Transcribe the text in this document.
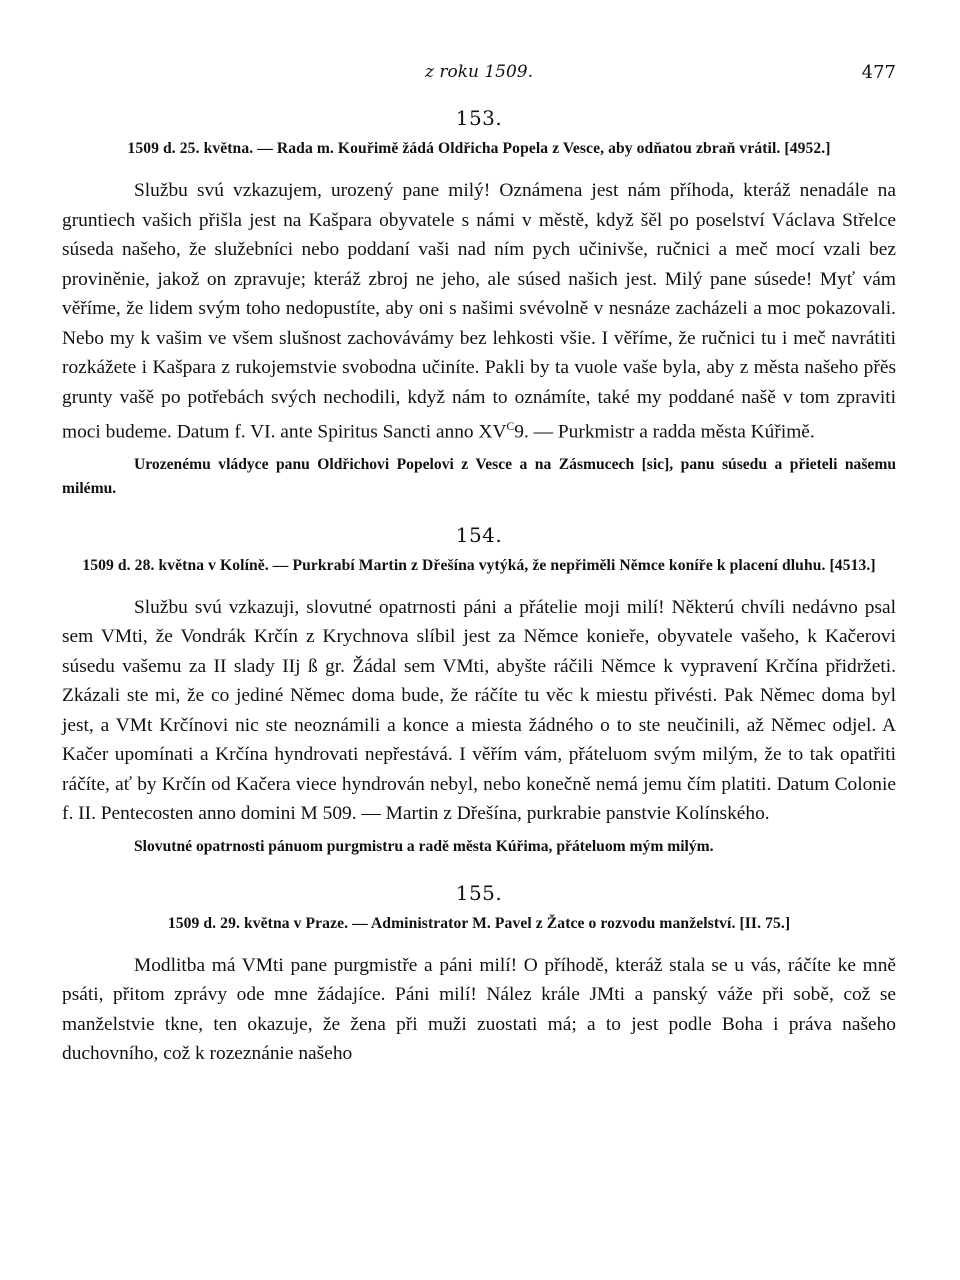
z roku 1509.	477
153.
1509 d. 25. května. — Rada m. Kouřimě žádá Oldřicha Popela z Vesce, aby odňatou zbraň vrátil. [4952.]

Službu svú vzkazujem, urozený pane milý! Oznámena jest nám příhoda, kteráž nenadále na gruntiech vašich přišla jest na Kašpara obyvatele s námi v městě, když šěl po poselství Václava Střelce súseda našeho, že služebníci nebo poddaní vaši nad ním pych učinivše, ručnici a meč mocí vzali bez proviněnie, jakož on zpravuje; kteráž zbroj ne jeho, ale súsed našich jest. Milý pane súsede! Myť vám věříme, že lidem svým toho nedopustíte, aby oni s našimi svévolně v nesnáze zacházeli a moc pokazovali. Nebo my k vašim ve všem slušnost zachovávámy bez lehkosti všie. I věříme, že ručnici tu i meč navrátiti rozkážete i Kašpara z rukojemstvie svobodna učiníte. Pakli by ta vuole vaše byla, aby z města našeho přěs grunty vašě po potřebách svých nechodili, když nám to oznámíte, také my poddané našě v tom zpraviti moci budeme. Datum f. VI. ante Spiritus Sancti anno $XV^C9$. — Purkmistr a radda města Kúřimě.

Urozenému vládyce panu Oldřichovi Popelovi z Vesce a na Zásmucech [sic], panu súsedu a přieteli našemu milému.

154.
1509 d. 28. května v Kolíně. — Purkrabí Martin z Dřešína vytýká, že nepřiměli Němce koníře k placení dluhu. [4513.]

Službu svú vzkazuji, slovutné opatrnosti páni a přátelie moji milí! Některú chvíli nedávno psal sem VMti, že Vondrák Krčín z Krychnova slíbil jest za Němce konieře, obyvatele vašeho, k Kačerovi súsedu vašemu za II slady IIj ß gr. Žádal sem VMti, abyšte ráčili Němce k vypravení Krčína přidržeti. Zkázali ste mi, že co jediné Němec doma bude, že ráčíte tu věc k miestu přivésti. Pak Němec doma byl jest, a VMt Krčínovi nic ste neoznámili a konce a miesta žádného o to ste neučinili, až Němec odjel. A Kačer upomínati a Krčína hyndrovati nepřestává. I věřím vám, přáteluom svým milým, že to tak opatřiti ráčíte, ať by Krčín od Kačera viece hyndrován nebyl, nebo konečně nemá jemu čím platiti. Datum Colonie f. II. Pentecosten anno domini M 509. — Martin z Dřešína, purkrabie panstvie Kolínského.

Slovutné opatrnosti pánuom purgmistru a radě města Kúřima, přáteluom mým milým.

155.
1509 d. 29. května v Praze. — Administrator M. Pavel z Žatce o rozvodu manželství. [II. 75.]

Modlitba má VMti pane purgmistře a páni milí! O příhodě, kteráž stala se u vás, ráčíte ke mně psáti, přitom zprávy ode mne žádajíce. Páni milí! Nález krále JMti a panský váže při sobě, což se manželstvie tkne, ten okazuje, že žena při muži zuostati má; a to jest podle Boha i práva našeho duchovního, což k rozeznánie našeho
